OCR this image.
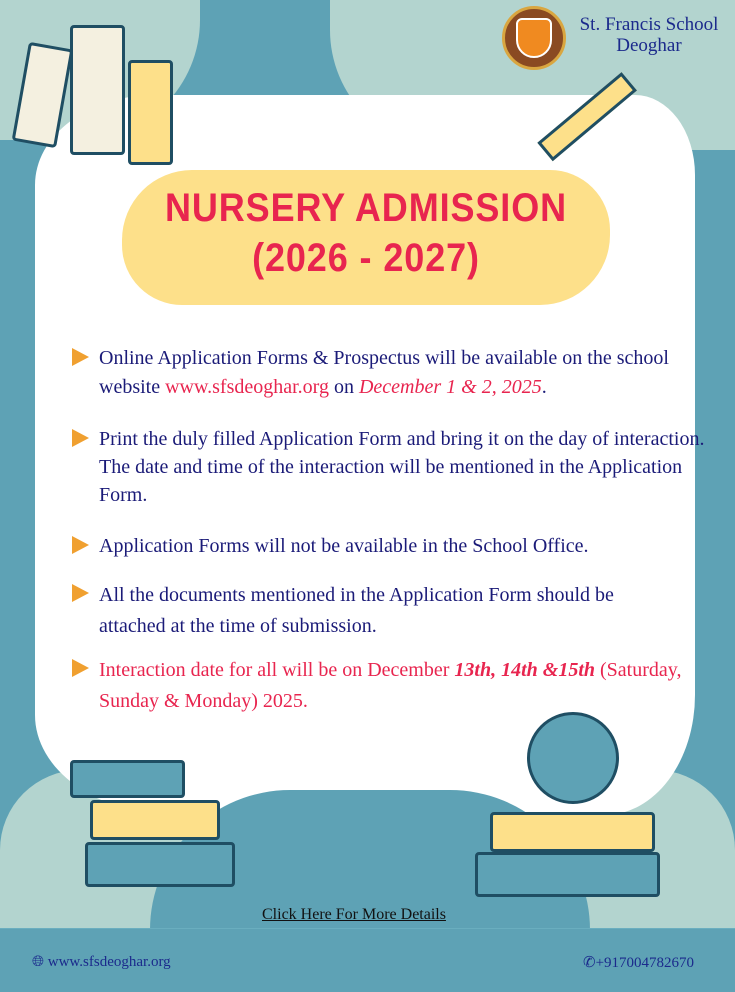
St. Francis School
Deoghar
NURSERY ADMISSION
(2026 - 2027)
Online Application Forms & Prospectus will be available on the school website www.sfsdeoghar.org on December 1 & 2, 2025.
Print the duly filled Application Form and bring it on the day of interaction. The date and time of the interaction will be mentioned in the Application Form.
Application Forms will not be available in the School Office.
All the documents mentioned in the Application Form should be attached at the time of submission.
Interaction date for all will be on December 13th, 14th &15th (Saturday, Sunday & Monday) 2025.
Click Here For More Details
🌐︎ www.sfsdeoghar.org	✆+917004782670
